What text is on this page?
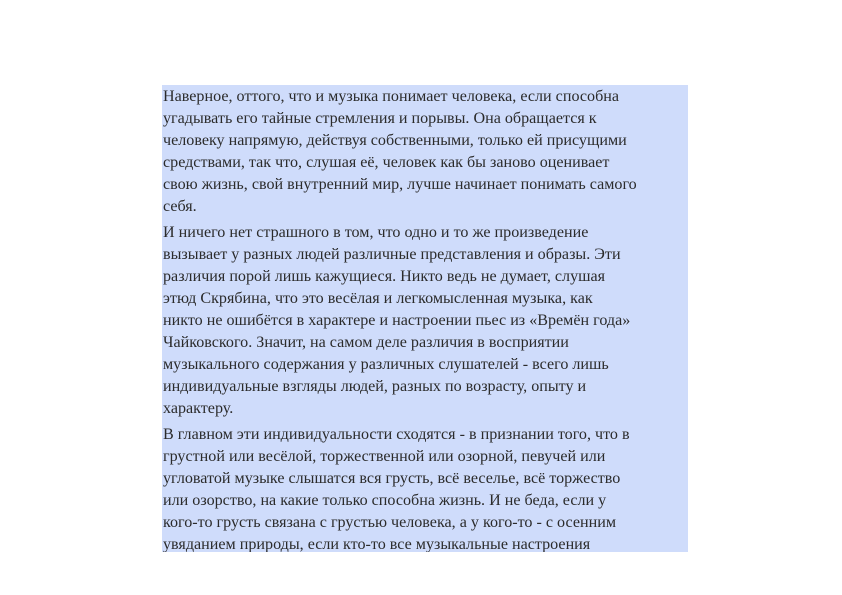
Наверное, оттого, что и музыка понимает человека, если способна
угадывать его тайные стремления и порывы. Она обращается к
человеку напрямую, действуя собственными, только ей присущими
средствами, так что, слушая её, человек как бы заново оценивает
свою жизнь, свой внутренний мир, лучше начинает понимать самого
себя.

И ничего нет страшного в том, что одно и то же произведение
вызывает у разных людей различные представления и образы. Эти
различия порой лишь кажущиеся. Никто ведь не думает, слушая
этюд Скрябина, что это весёлая и легкомысленная музыка, как
никто не ошибётся в характере и настроении пьес из «Времён года»
Чайковского. Значит, на самом деле различия в восприятии
музыкального содержания у различных слушателей - всего лишь
индивидуальные взгляды людей, разных по возрасту, опыту и
характеру.

В главном эти индивидуальности сходятся - в признании того, что в
грустной или весёлой, торжественной или озорной, певучей или
угловатой музыке слышатся вся грусть, всё веселье, всё торжество
или озорство, на какие только способна жизнь. И не беда, если у
кого-то грусть связана с грустью человека, а у кого-то - с осенним
увяданием природы, если кто-то все музыкальные настроения
